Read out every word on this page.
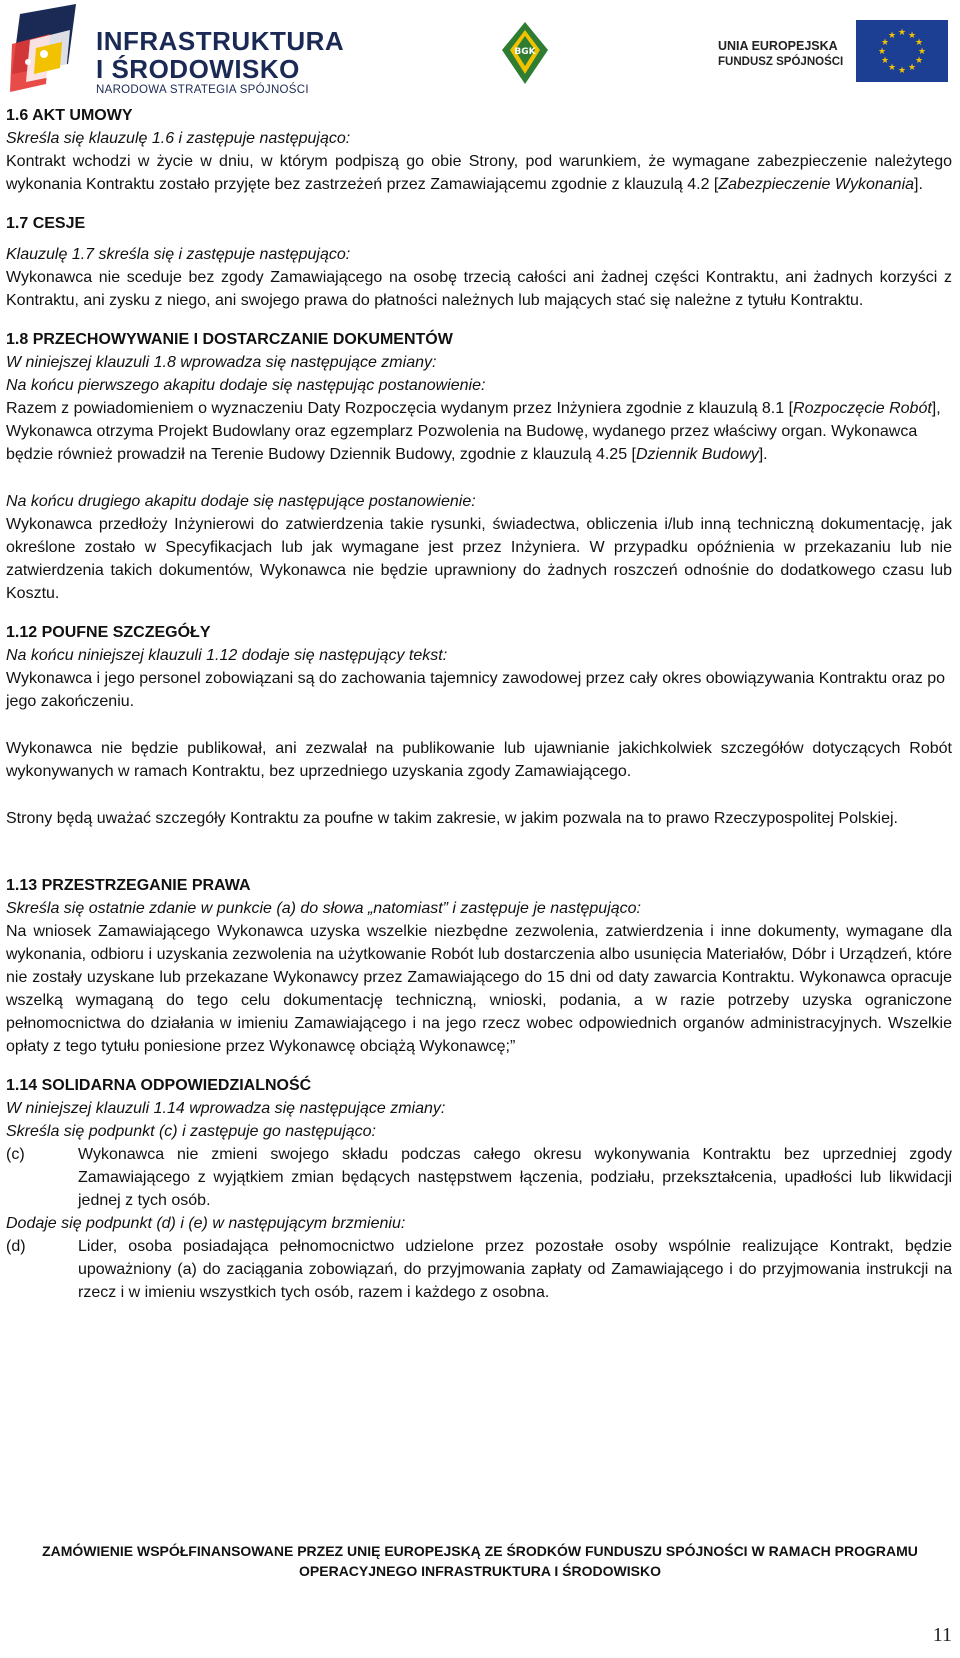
INFRASTRUKTURA
I ŚRODOWISKO
NARODOWA STRATEGIA SPÓJNOŚCI
BGK	UNIA EUROPEJSKA
FUNDUSZ SPÓJNOŚCI
★ ★
★
★
★
★
★
★
★
★
★
★

1.6 AKT UMOWY

Skreśla się klauzulę 1.6 i zastępuje następująco:

Kontrakt wchodzi w życie w dniu, w którym podpiszą go obie Strony, pod warunkiem, że wymagane zabezpieczenie należytego wykonania Kontraktu zostało przyjęte bez zastrzeżeń przez Zamawiającemu zgodnie z klauzulą 4.2 [Zabezpieczenie Wykonania].

1.7 CESJE

Klauzulę 1.7 skreśla się i zastępuje następująco:

Wykonawca nie sceduje bez zgody Zamawiającego na osobę trzecią całości ani żadnej części Kontraktu, ani żadnych korzyści z Kontraktu, ani zysku z niego, ani swojego prawa do płatności należnych lub mających stać się należne z tytułu Kontraktu.

1.8 PRZECHOWYWANIE I DOSTARCZANIE DOKUMENTÓW

W niniejszej klauzuli 1.8 wprowadza się następujące zmiany:

Na końcu pierwszego akapitu dodaje się następując postanowienie:

Razem z powiadomieniem o wyznaczeniu Daty Rozpoczęcia wydanym przez Inżyniera zgodnie z klauzulą 8.1 [Rozpoczęcie Robót], Wykonawca otrzyma Projekt Budowlany oraz egzemplarz Pozwolenia na Budowę, wydanego przez właściwy organ. Wykonawca będzie również prowadził na Terenie Budowy Dziennik Budowy, zgodnie z klauzulą 4.25 [Dziennik Budowy].

Na końcu drugiego akapitu dodaje się następujące postanowienie:

Wykonawca przedłoży Inżynierowi do zatwierdzenia takie rysunki, świadectwa, obliczenia i/lub inną techniczną dokumentację, jak określone zostało w Specyfikacjach lub jak wymagane jest przez Inżyniera. W przypadku opóźnienia w przekazaniu lub nie zatwierdzenia takich dokumentów, Wykonawca nie będzie uprawniony do żadnych roszczeń odnośnie do dodatkowego czasu lub Kosztu.

1.12 POUFNE SZCZEGÓŁY

Na końcu niniejszej klauzuli 1.12 dodaje się następujący tekst:

Wykonawca i jego personel zobowiązani są do zachowania tajemnicy zawodowej przez cały okres obowiązywania Kontraktu oraz po jego zakończeniu.

Wykonawca nie będzie publikował, ani zezwalał na publikowanie lub ujawnianie jakichkolwiek szczegółów dotyczących Robót wykonywanych w ramach Kontraktu, bez uprzedniego uzyskania zgody Zamawiającego.

Strony będą uważać szczegóły Kontraktu za poufne w takim zakresie, w jakim pozwala na to prawo Rzeczypospolitej Polskiej.

1.13 PRZESTRZEGANIE PRAWA

Skreśla się ostatnie zdanie w punkcie (a) do słowa „natomiast” i zastępuje je następująco:

Na wniosek Zamawiającego Wykonawca uzyska wszelkie niezbędne zezwolenia, zatwierdzenia i inne dokumenty, wymagane dla wykonania, odbioru i uzyskania zezwolenia na użytkowanie Robót lub dostarczenia albo usunięcia Materiałów, Dóbr i Urządzeń, które nie zostały uzyskane lub przekazane Wykonawcy przez Zamawiającego do 15 dni od daty zawarcia Kontraktu. Wykonawca opracuje wszelką wymaganą do tego celu dokumentację techniczną, wnioski, podania, a w razie potrzeby uzyska ograniczone pełnomocnictwa do działania w imieniu Zamawiającego i na jego rzecz wobec odpowiednich organów administracyjnych. Wszelkie opłaty z tego tytułu poniesione przez Wykonawcę obciążą Wykonawcę;”

1.14 SOLIDARNA ODPOWIEDZIALNOŚĆ

W niniejszej klauzuli 1.14 wprowadza się następujące zmiany:

Skreśla się podpunkt (c) i zastępuje go następująco:

(c)	Wykonawca nie zmieni swojego składu podczas całego okresu wykonywania Kontraktu bez uprzedniej zgody Zamawiającego z wyjątkiem zmian będących następstwem łączenia, podziału, przekształcenia, upadłości lub likwidacji jednej z tych osób.

Dodaje się podpunkt (d) i (e) w następującym brzmieniu:

(d)	Lider, osoba posiadająca pełnomocnictwo udzielone przez pozostałe osoby wspólnie realizujące Kontrakt, będzie upoważniony (a) do zaciągania zobowiązań, do przyjmowania zapłaty od Zamawiającego i do przyjmowania instrukcji na rzecz i w imieniu wszystkich tych osób, razem i każdego z osobna.
ZAMÓWIENIE WSPÓŁFINANSOWANE PRZEZ UNIĘ EUROPEJSKĄ ZE ŚRODKÓW FUNDUSZU SPÓJNOŚCI W RAMACH PROGRAMU
OPERACYJNEGO INFRASTRUKTURA I ŚRODOWISKO
11
